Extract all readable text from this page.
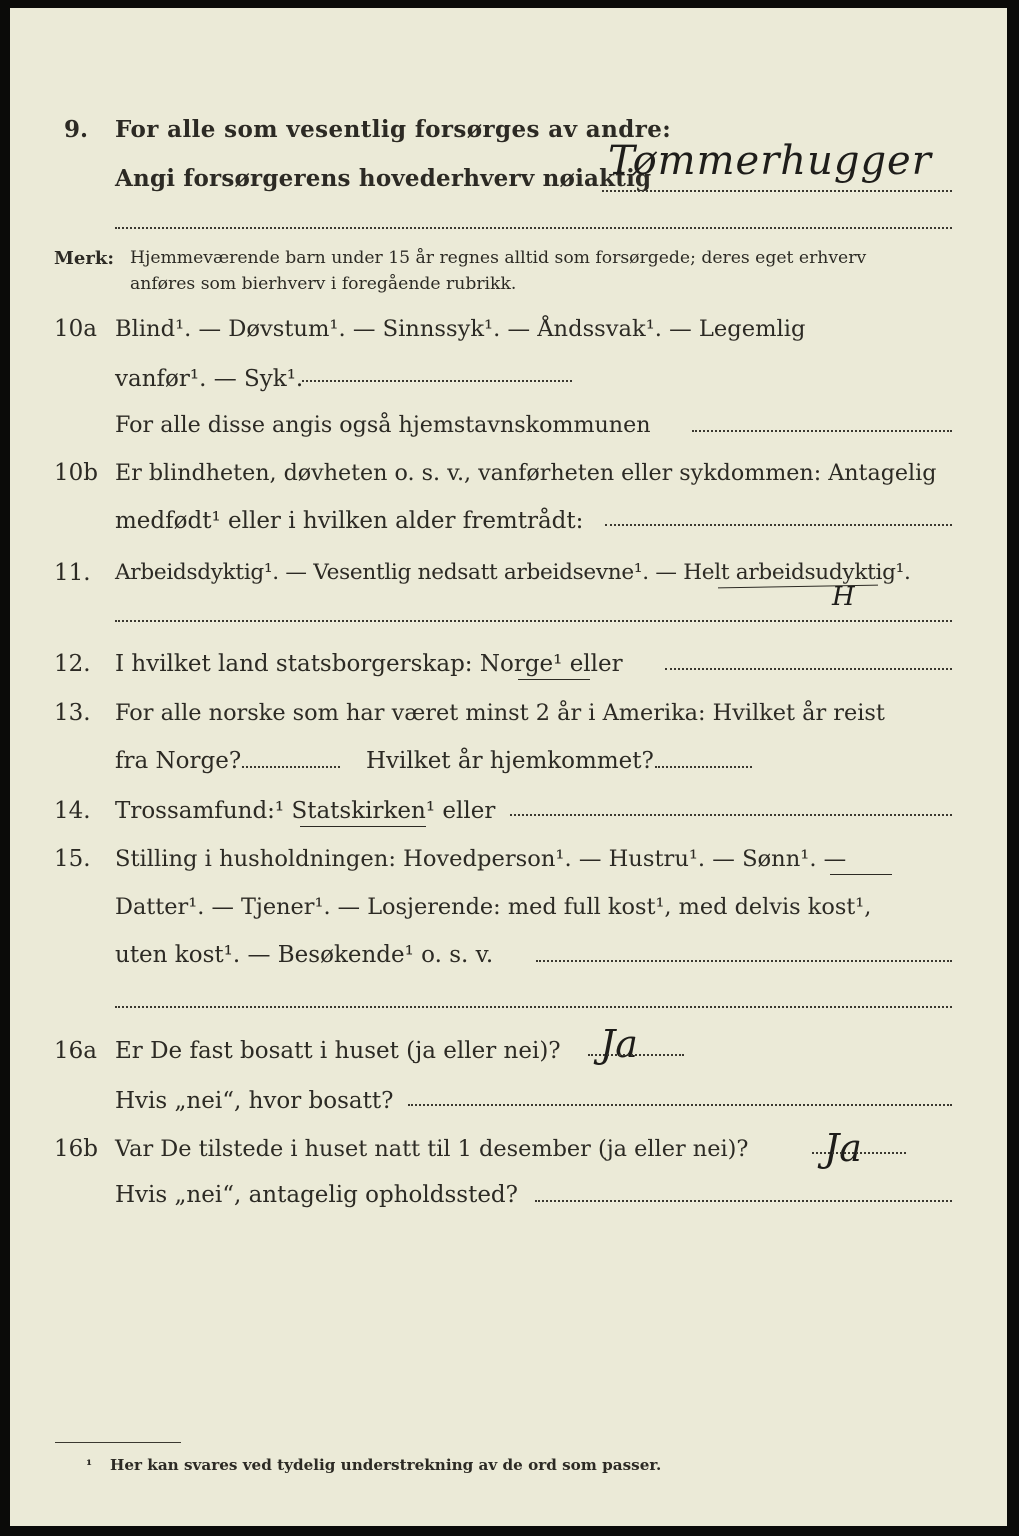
9. For alle som vesentlig forsørges av andre:
Angi forsørgerens hovederhverv nøiaktig
Tømmerhugger
Merk: Hjemmeværende barn under 15 år regnes alltid som forsørgede; deres eget erhverv
anføres som bierhverv i foregående rubrikk.
10a Blind¹. — Døvstum¹. — Sinnssyk¹. — Åndssvak¹. — Legemlig
vanfør¹. — Syk¹.
For alle disse angis også hjemstavnskommunen
10b Er blindheten, døvheten o. s. v., vanførheten eller sykdommen: Antagelig
medfødt¹ eller i hvilken alder fremtrådt:
11. Arbeidsdyktig¹. — Vesentlig nedsatt arbeidsevne¹. — Helt arbeidsudyktig¹.
H
12. I hvilket land statsborgerskap: Norge¹ eller
13. For alle norske som har været minst 2 år i Amerika: Hvilket år reist
fra Norge?	Hvilket år hjemkommet?
14. Trossamfund:¹ Statskirken¹ eller
15. Stilling i husholdningen: Hovedperson¹. — Hustru¹. — Sønn¹. —
Datter¹. — Tjener¹. — Losjerende: med full kost¹, med delvis kost¹,
uten kost¹. — Besøkende¹ o. s. v.
16a Er De fast bosatt i huset (ja eller nei)? Ja
Hvis „nei“, hvor bosatt?
16b Var De tilstede i huset natt til 1 desember (ja eller nei)? Ja
Hvis „nei“, antagelig opholdssted?
¹ Her kan svares ved tydelig understrekning av de ord som passer.
